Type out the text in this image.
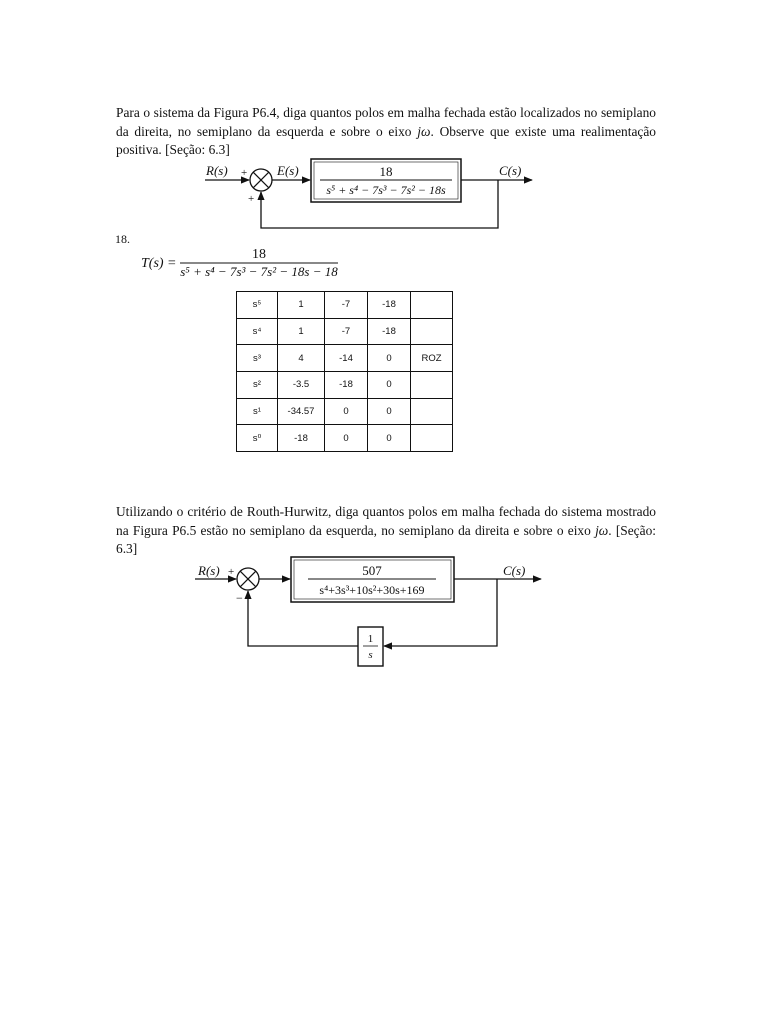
Para o sistema da Figura P6.4, diga quantos polos em malha fechada estão localizados no semiplano da direita, no semiplano da esquerda e sobre o eixo jω. Observe que existe uma realimentação positiva. [Seção: 6.3]

R(s) +
+
E(s)	18
s⁵ + s⁴ − 7s³ − 7s² − 18s
C(s)
18.
T(s) =
18
s⁵ + s⁴ − 7s³ − 7s² − 18s − 18
s⁵	1	-7	-18	
s⁴	1	-7	-18	
s³	4	-14	0	ROZ
s²	-3.5	-18	0	
s¹	-34.57	0	0	
s⁰	-18	0	0	

Utilizando o critério de Routh-Hurwitz, diga quantos polos em malha fechada do sistema mostrado na Figura P6.5 estão no semiplano da esquerda, no semiplano da direita e sobre o eixo jω. [Seção: 6.3]

R(s) +
−
507
s⁴+3s³+10s²+30s+169
C(s)
1
s
